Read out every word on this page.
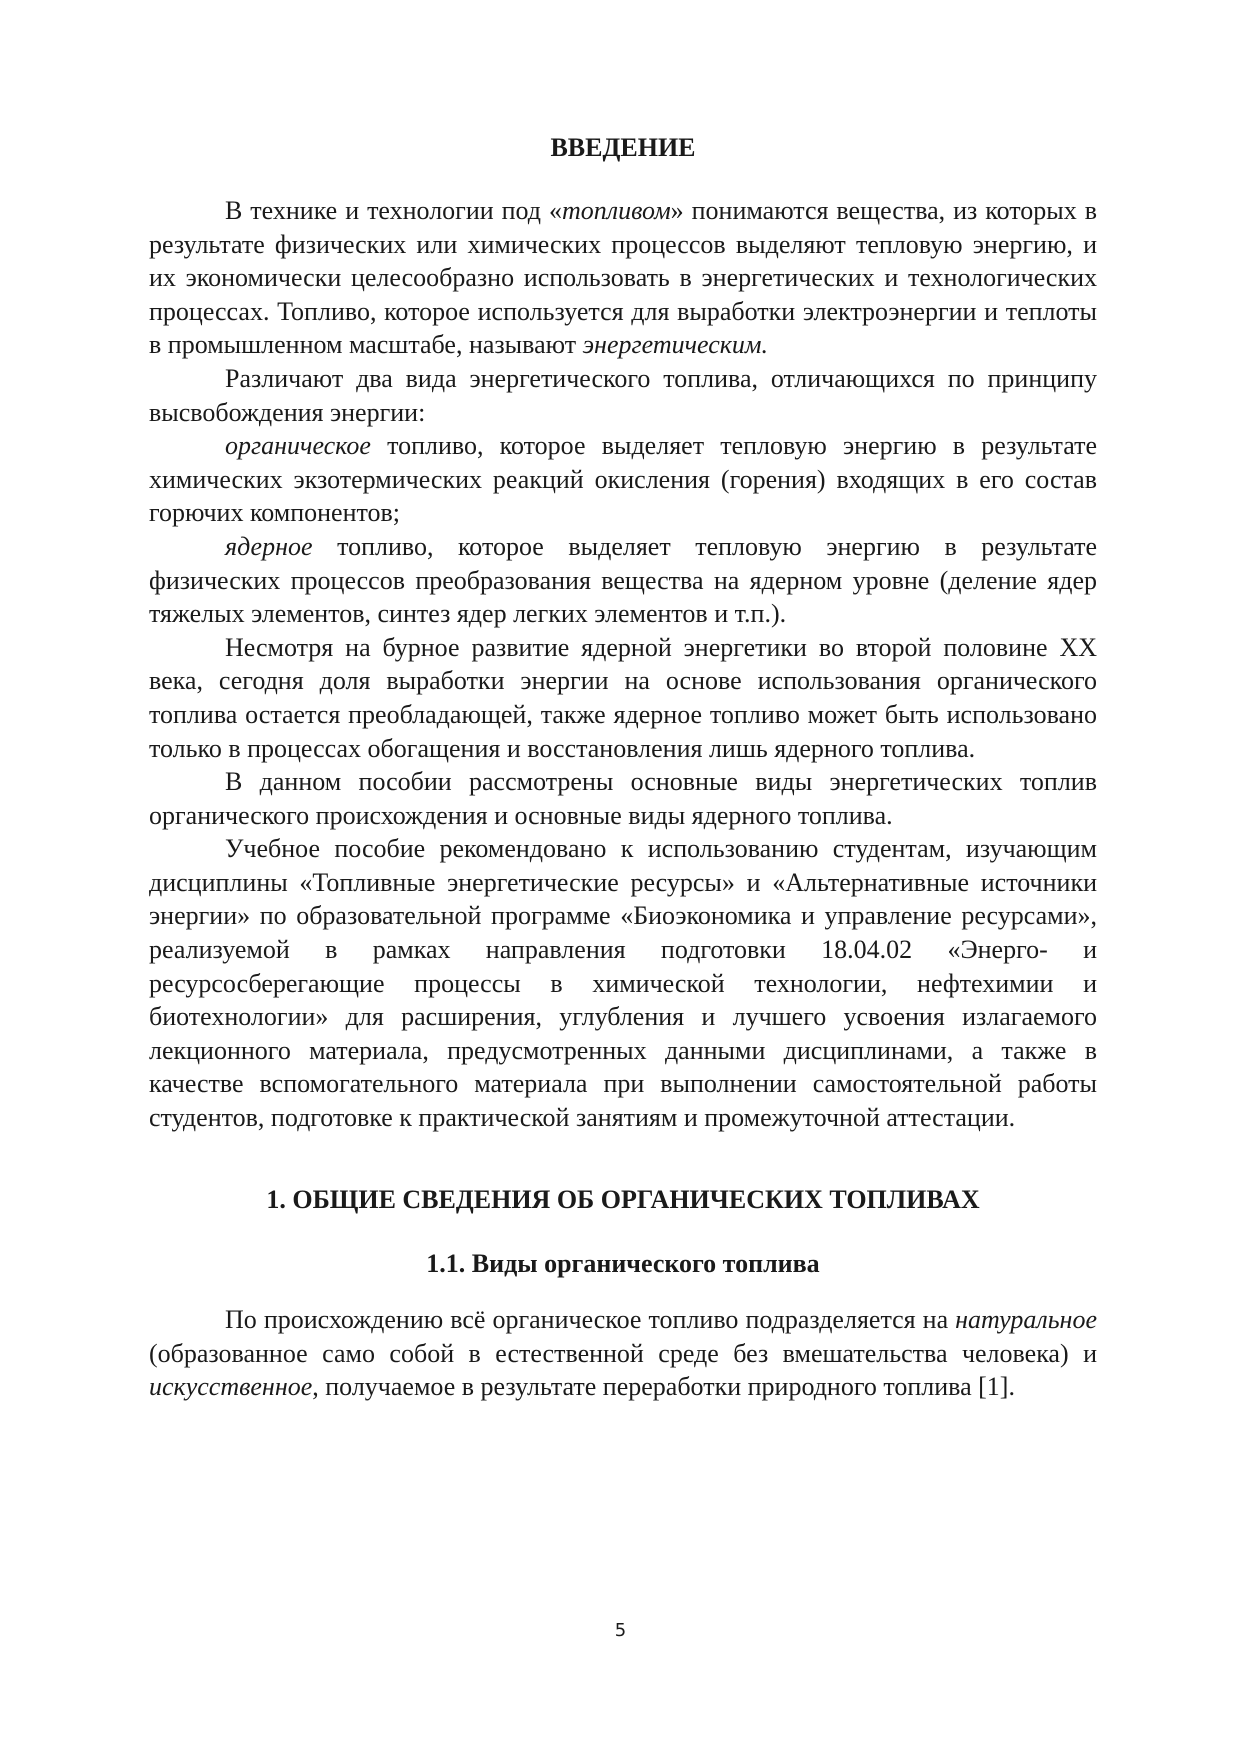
ВВЕДЕНИЕ

В технике и технологии под «топливом» понимаются вещества, из которых в результате физических или химических процессов выделяют тепловую энергию, и их экономически целесообразно использовать в энергетических и технологических процессах. Топливо, которое используется для выработки электроэнергии и теплоты в промышленном масштабе, называют энергетическим.

Различают два вида энергетического топлива, отличающихся по принципу высвобождения энергии:

органическое топливо, которое выделяет тепловую энергию в результате химических экзотермических реакций окисления (горения) входящих в его состав горючих компонентов;

ядерное топливо, которое выделяет тепловую энергию в результате физических процессов преобразования вещества на ядерном уровне (деление ядер тяжелых элементов, синтез ядер легких элементов и т.п.).

Несмотря на бурное развитие ядерной энергетики во второй половине XX века, сегодня доля выработки энергии на основе использования органического топлива остается преобладающей, также ядерное топливо может быть использовано только в процессах обогащения и восстановления лишь ядерного топлива.

В данном пособии рассмотрены основные виды энергетических топлив органического происхождения и основные виды ядерного топлива.

Учебное пособие рекомендовано к использованию студентам, изучающим дисциплины «Топливные энергетические ресурсы» и «Альтернативные источники энергии» по образовательной программе «Биоэкономика и управление ресурсами», реализуемой в рамках направления подготовки 18.04.02 «Энерго- и ресурсосберегающие процессы в химической технологии, нефтехимии и биотехнологии» для расширения, углубления и лучшего усвоения излагаемого лекционного материала, предусмотренных данными дисциплинами, а также в качестве вспомогательного материала при выполнении самостоятельной работы студентов, подготовке к практической занятиям и промежуточной аттестации.

1. ОБЩИЕ СВЕДЕНИЯ ОБ ОРГАНИЧЕСКИХ ТОПЛИВАХ
1.1. Виды органического топлива

По происхождению всё органическое топливо подразделяется на натуральное (образованное само собой в естественной среде без вмешательства человека) и искусственное, получаемое в результате переработки природного топлива [1].

5
